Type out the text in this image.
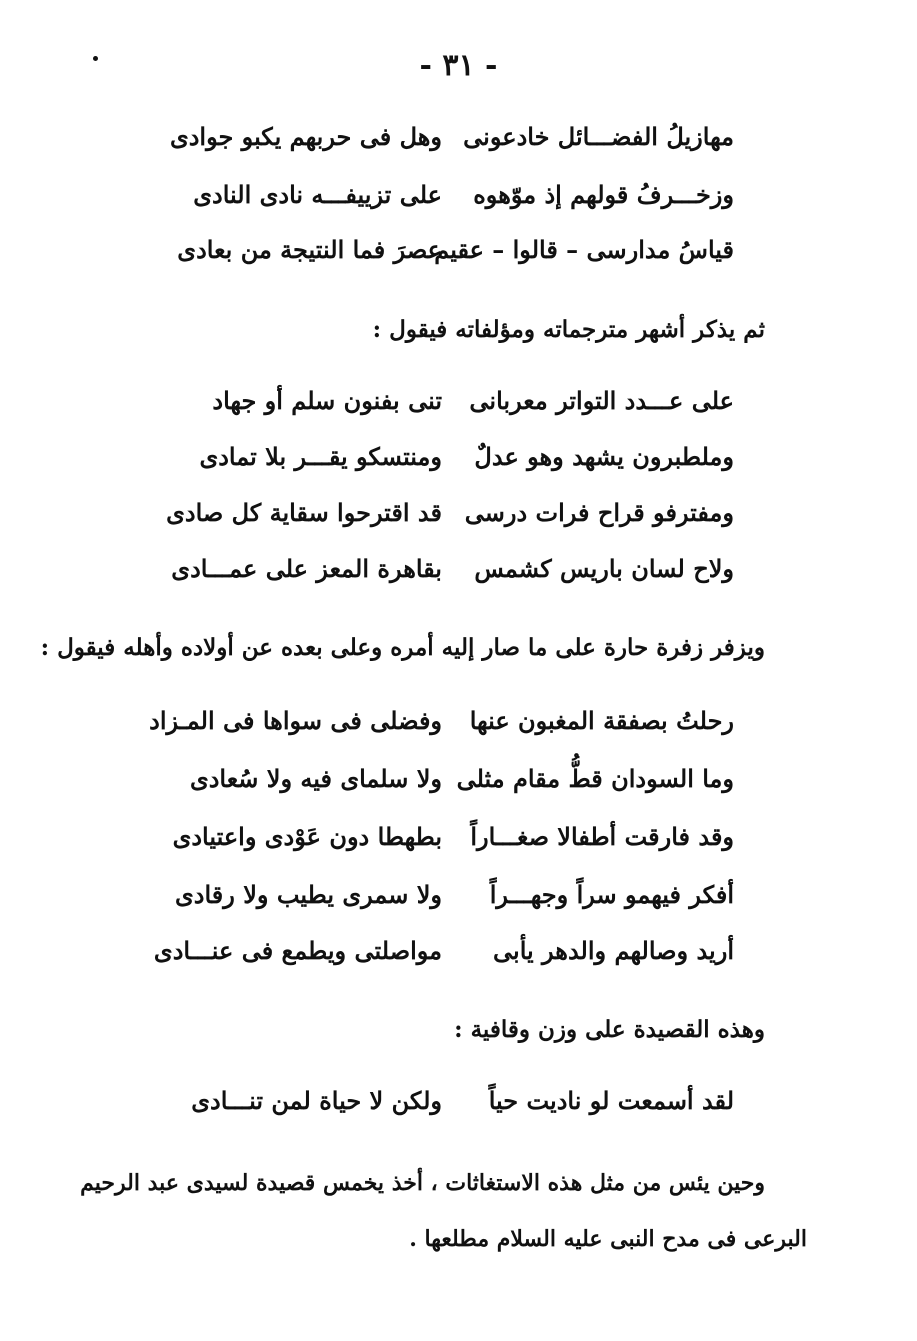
- ٣١ -
مهازيلُ الفضـــائل خادعونى
وهل فى حربهم يكبو جوادى
وزخـــرفُ قولهم إذ موّهوه
على تزييفـــه نادى النادى
قياسُ مدارسى – قالوا – عقيم
عصرَ فما النتيجة من بعادى
ثم يذكر أشهر مترجماته ومؤلفاته فيقول :
على عـــدد التواتر معربانى
تنى بفنون سلم أو جهاد
وملطبرون يشهد وهو عدلٌ
ومنتسكو يقـــر بلا تمادى
ومفترفو قراح فرات درسى
قد اقترحوا سقاية كل صادى
ولاح لسان باريس كشمس
بقاهرة المعز على عمـــادى
ويزفر زفرة حارة على ما صار إليه أمره وعلى بعده عن أولاده وأهله فيقول :
رحلتُ بصفقة المغبون عنها
وفضلى فى سواها فى المـزاد
وما السودان قطُّ مقام مثلى
ولا سلماى فيه ولا سُعادى
وقد فارقت أطفالا صغـــاراً
بطهطا دون عَوْدى واعتيادى
أفكر فيهمو سراً وجهـــراً
ولا سمرى يطيب ولا رقادى
أريد وصالهم والدهر يأبى
مواصلتى ويطمع فى عنـــادى
وهذه القصيدة على وزن وقافية :
لقد أسمعت لو ناديت حياً
ولكن لا حياة لمن تنـــادى
وحين يئس من مثل هذه الاستغاثات ، أخذ يخمس قصيدة لسيدى عبد الرحيم
البرعى فى مدح النبى عليه السلام مطلعها .
